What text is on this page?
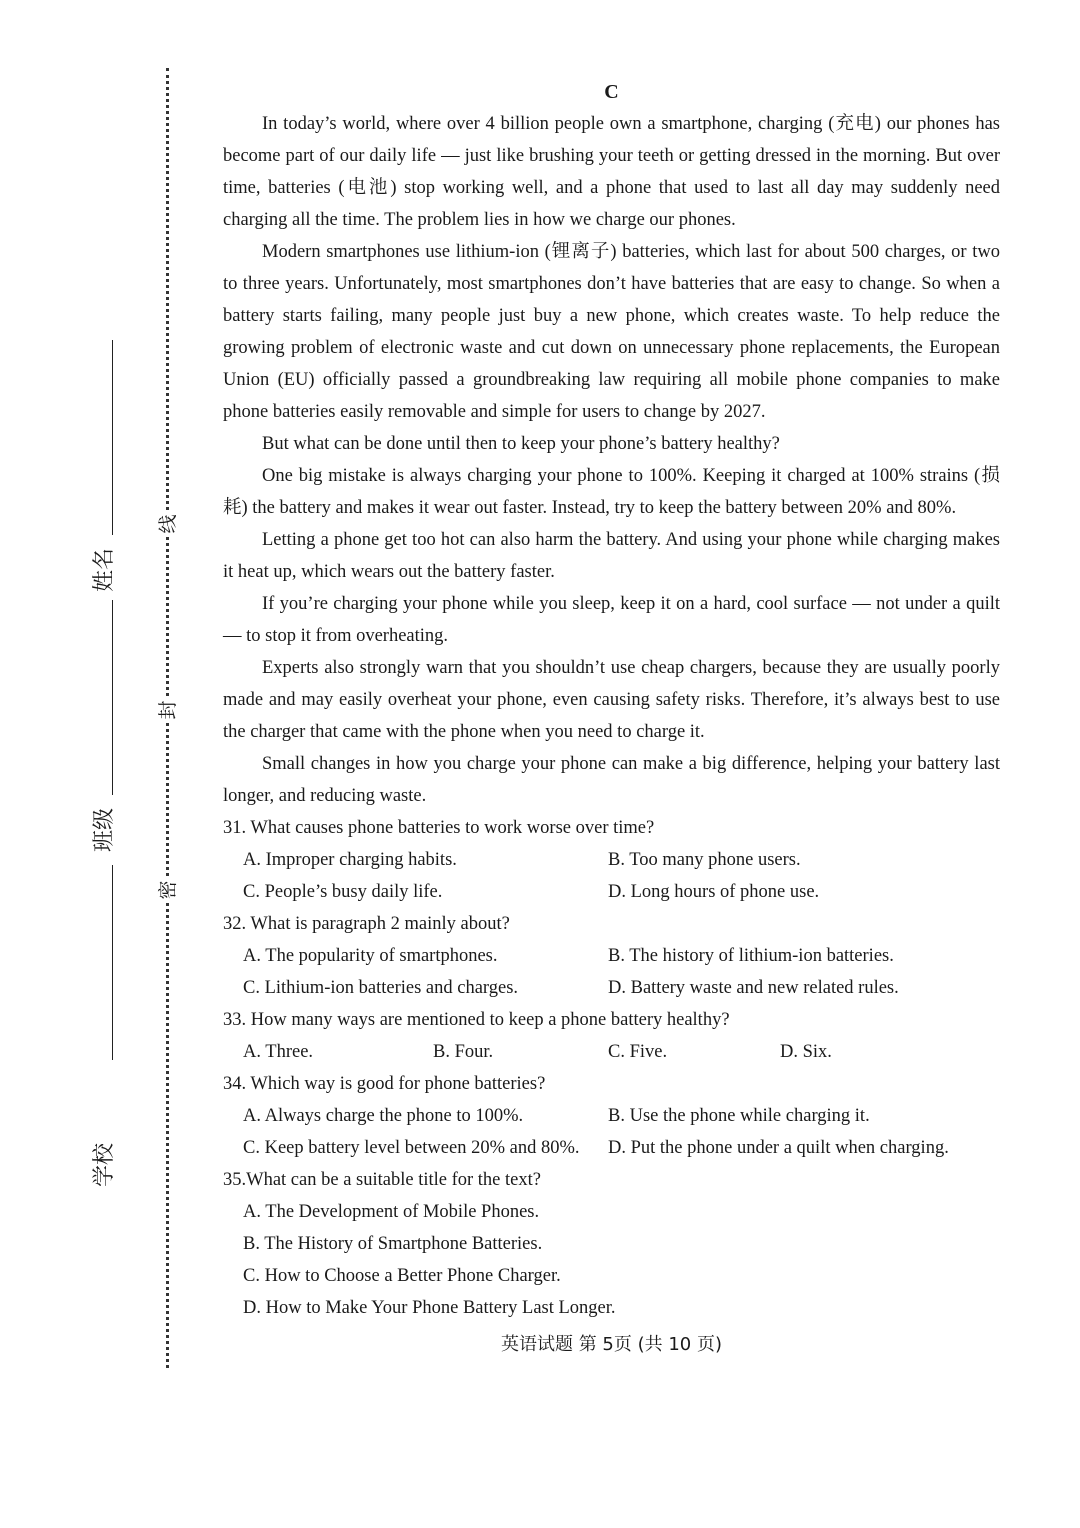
线
封
密
姓名
班级
学校

C

In today’s world, where over 4 billion people own a smartphone, charging (充电) our phones has become part of our daily life — just like brushing your teeth or getting dressed in the morning. But over time, batteries (电池) stop working well, and a phone that used to last all day may suddenly need charging all the time. The problem lies in how we charge our phones.

Modern smartphones use lithium-ion (锂离子) batteries, which last for about 500 charges, or two to three years. Unfortunately, most smartphones don’t have batteries that are easy to change. So when a battery starts failing, many people just buy a new phone, which creates waste. To help reduce the growing problem of electronic waste and cut down on unnecessary phone replacements, the European Union (EU) officially passed a groundbreaking law requiring all mobile phone companies to make phone batteries easily removable and simple for users to change by 2027.

But what can be done until then to keep your phone’s battery healthy?

One big mistake is always charging your phone to 100%. Keeping it charged at 100% strains (损耗) the battery and makes it wear out faster. Instead, try to keep the battery between 20% and 80%.

Letting a phone get too hot can also harm the battery. And using your phone while charging makes it heat up, which wears out the battery faster.

If you’re charging your phone while you sleep, keep it on a hard, cool surface — not under a quilt — to stop it from overheating.

Experts also strongly warn that you shouldn’t use cheap chargers, because they are usually poorly made and may easily overheat your phone, even causing safety risks. Therefore, it’s always best to use the charger that came with the phone when you need to charge it.

Small changes in how you charge your phone can make a big difference, helping your battery last longer, and reducing waste.

31. What causes phone batteries to work worse over time?

A. Improper charging habits.	B. Too many phone users.
C. People’s busy daily life.	D. Long hours of phone use.

32. What is paragraph 2 mainly about?

A. The popularity of smartphones.	B. The history of lithium-ion batteries.
C. Lithium-ion batteries and charges.	D. Battery waste and new related rules.

33. How many ways are mentioned to keep a phone battery healthy?

A. Three.	B. Four.	C. Five.	D. Six.

34. Which way is good for phone batteries?

A. Always charge the phone to 100%.	B. Use the phone while charging it.
C. Keep battery level between 20% and 80%.	D. Put the phone under a quilt when charging.

35.What can be a suitable title for the text?

A. The Development of Mobile Phones.
B. The History of Smartphone Batteries.
C. How to Choose a Better Phone Charger.
D. How to Make Your Phone Battery Last Longer.
英语试题 第 5页 (共 10 页)
